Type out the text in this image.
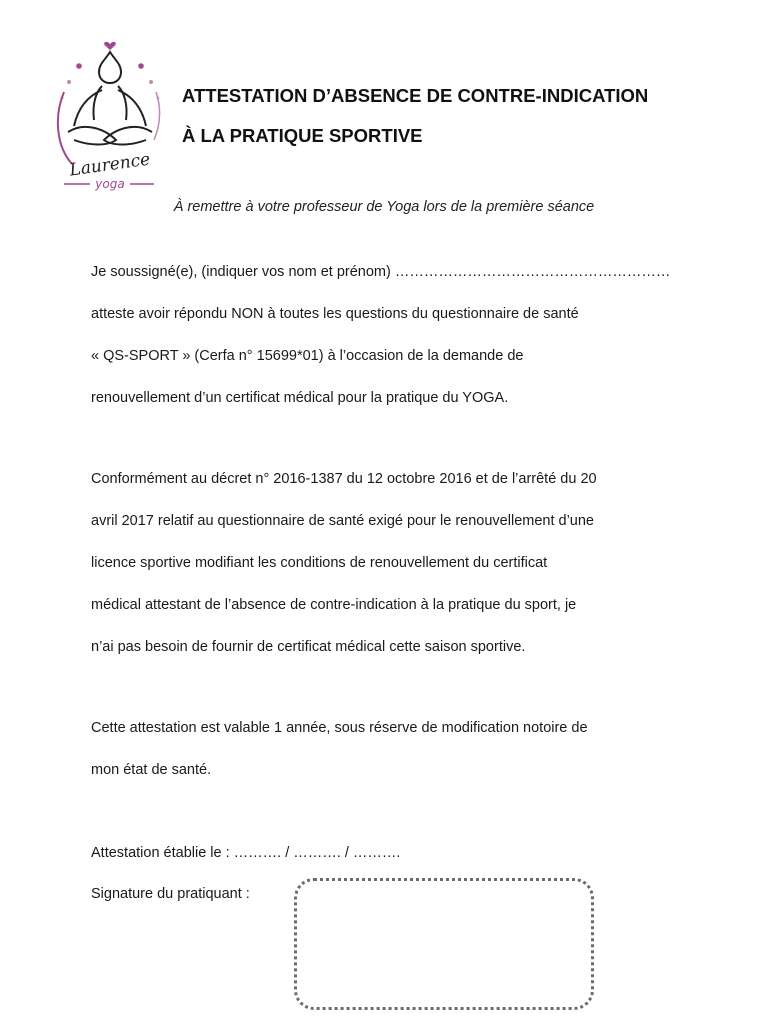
Laurence
yoga
ATTESTATION D’ABSENCE DE CONTRE-INDICATION
À LA PRATIQUE SPORTIVE
À remettre à votre professeur de Yoga lors de la première séance
Je soussigné(e), (indiquer vos nom et prénom) …………………………………………………
atteste avoir répondu NON à toutes les questions du questionnaire de santé
« QS-SPORT » (Cerfa n° 15699*01) à l’occasion de la demande de
renouvellement d’un certificat médical pour la pratique du YOGA.
Conformément au décret n° 2016-1387 du 12 octobre 2016 et de l’arrêté du 20
avril 2017 relatif au questionnaire de santé exigé pour le renouvellement d’une
licence sportive modifiant les conditions de renouvellement du certificat
médical attestant de l’absence de contre-indication à la pratique du sport, je
n’ai pas besoin de fournir de certificat médical cette saison sportive.
Cette attestation est valable 1 année, sous réserve de modification notoire de
mon état de santé.
Attestation établie le : ………. / ………. / ……….
Signature du pratiquant :
